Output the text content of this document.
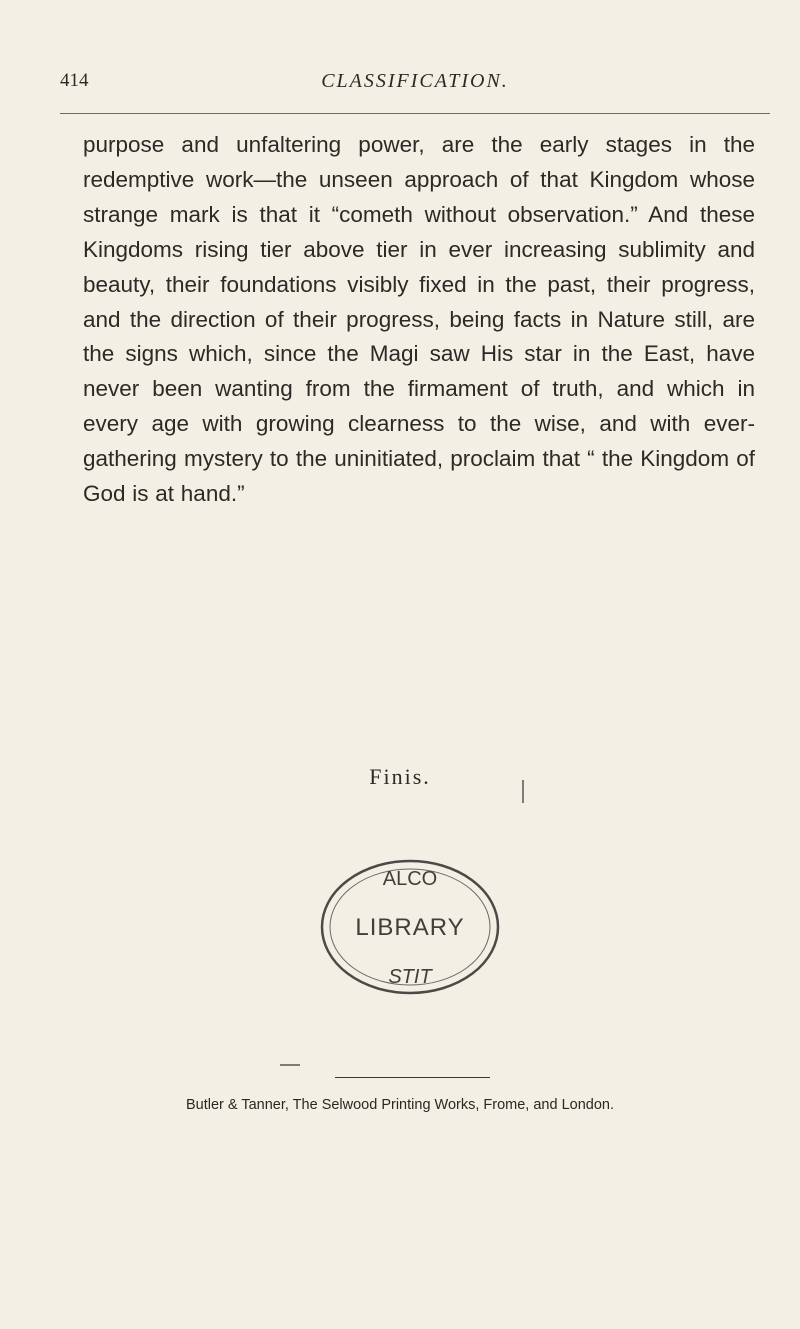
414	CLASSIFICATION.

purpose and unfaltering power, are the early stages in the redemptive work—the unseen approach of that Kingdom whose strange mark is that it “cometh without observation.” And these Kingdoms rising tier above tier in ever increasing sublimity and beauty, their foundations visibly fixed in the past, their progress, and the direction of their progress, being facts in Nature still, are the signs which, since the Magi saw His star in the East, have never been wanting from the firmament of truth, and which in every age with growing clearness to the wise, and with ever-gathering mystery to the uninitiated, proclaim that “ the Kingdom of God is at hand.”

Finis.
ALCO
LIBRARY
STIT
Butler & Tanner, The Selwood Printing Works, Frome, and London.
